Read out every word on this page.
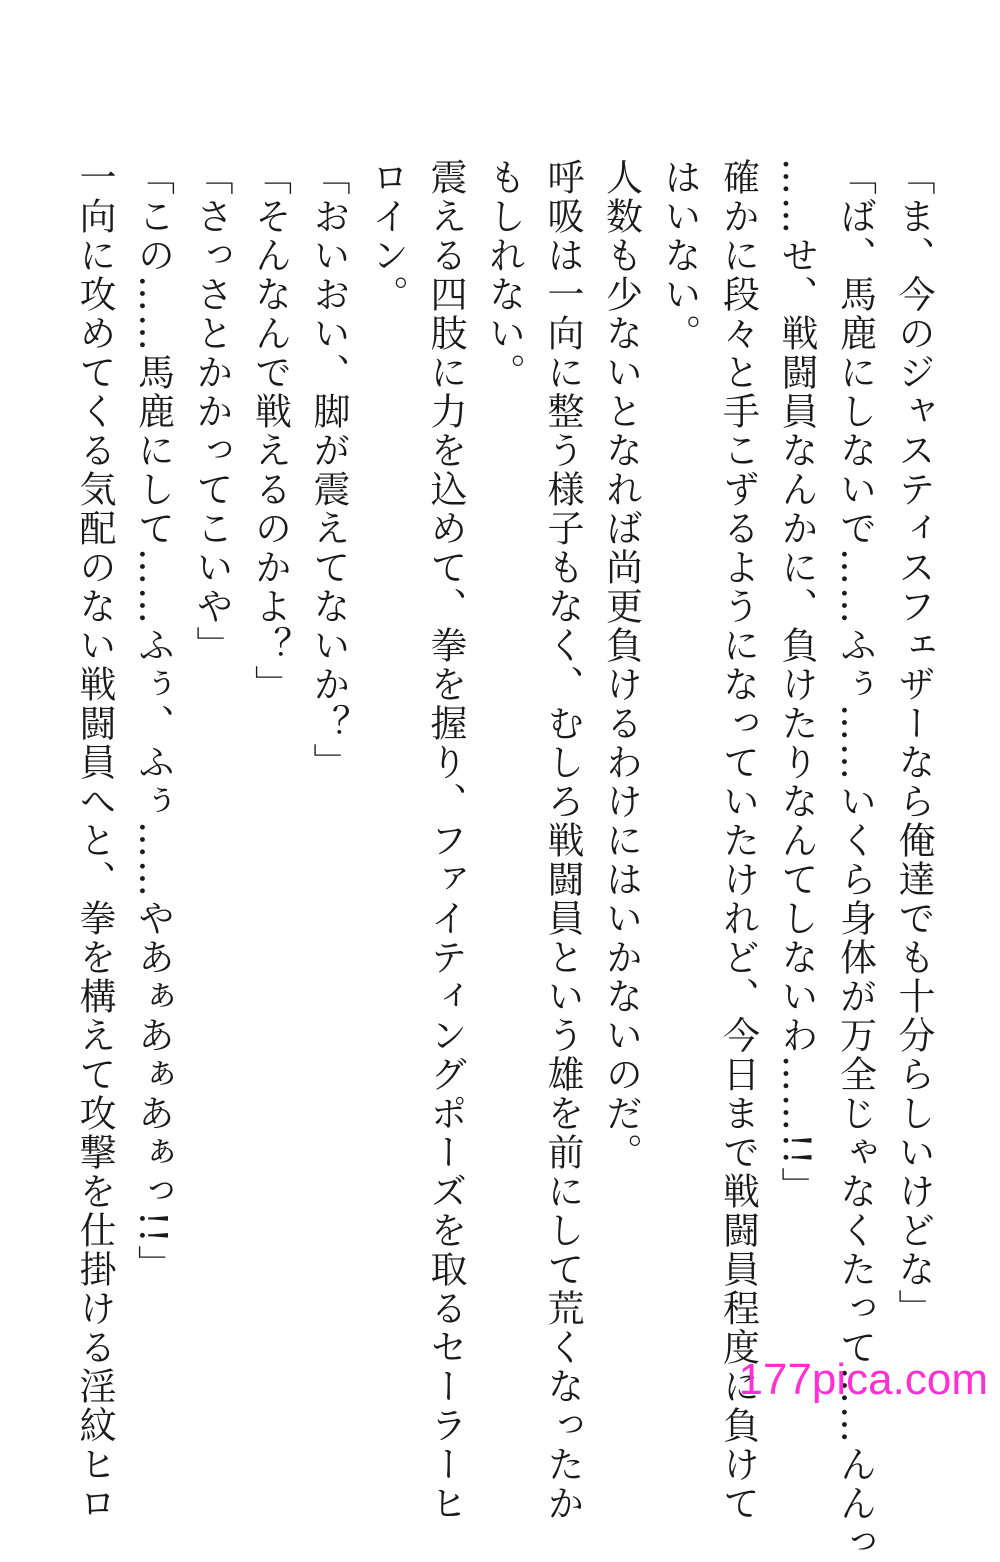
「ま、今のジャスティスフェザーなら俺達でも十分らしいけどな」
「ば、馬鹿にしないで……ふぅ……いくら身体が万全じゃなくたって……んんっ
……せ、戦闘員なんかに、負けたりなんてしないわ……!!」
確かに段々と手こずるようになっていたけれど、今日まで戦闘員程度に負けて
はいない。
人数も少ないとなれば尚更負けるわけにはいかないのだ。
呼吸は一向に整う様子もなく、むしろ戦闘員という雄を前にして荒くなったか
もしれない。
震える四肢に力を込めて、拳を握り、ファイティングポーズを取るセーラーヒ
ロイン。
「おいおい、脚が震えてないか？」
「そんなんで戦えるのかよ？」
「さっさとかかってこいや」
「この……馬鹿にして……ふぅ、ふぅ……やあぁあぁあぁっ!!」
一向に攻めてくる気配のない戦闘員へと、拳を構えて攻撃を仕掛ける淫紋ヒロ	177pica.com
